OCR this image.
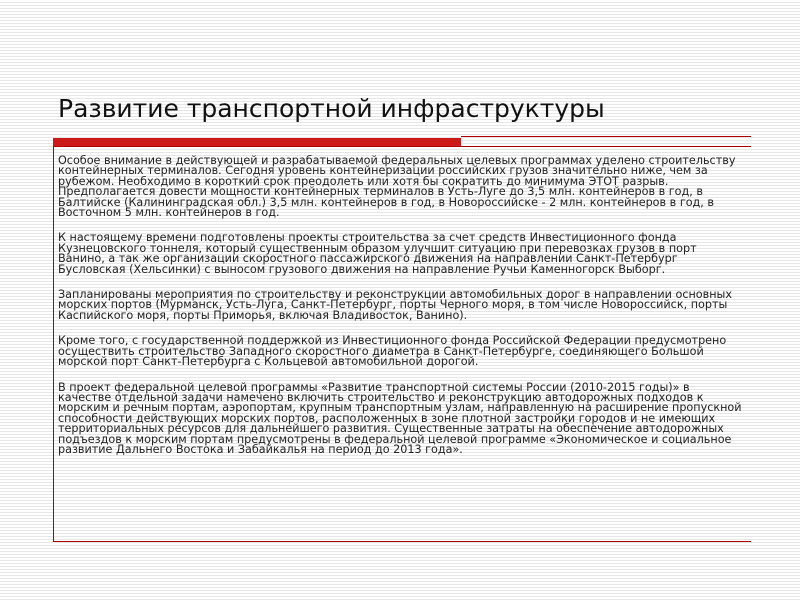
Развитие транспортной инфраструктуры

Особое внимание в действующей и разрабатываемой федеральных целевых программах уделено строительству контейнерных терминалов. Сегодня уровень контейнеризации российских грузов значительно ниже, чем за рубежом. Необходимо в короткий срок преодолеть или хотя бы сократить до минимума ЭТОТ разрыв. Предполагается довести мощности контейнерных терминалов в Усть-Луге до 3,5 млн. контейнеров в год, в Балтийске (Калининградская обл.) 3,5 млн. контейнеров в год, в Новороссийске - 2 млн. контейнеров в год, в Восточном 5 млн. контейнеров в год.

К настоящему времени подготовлены проекты строительства за счет средств Инвестиционного фонда Кузнецовского тоннеля, который существенным образом улучшит ситуацию при перевозках грузов в порт Ванино, а так же организации скоростного пассажирского движения на направлении Санкт-Петербург Бусловская (Хельсинки) с выносом грузового движения на направление Ручьи Каменногорск Выборг.

Запланированы мероприятия по строительству и реконструкции автомобильных дорог в направлении основных морских портов (Мурманск, Усть-Луга, Санкт-Петербург, порты Черного моря, в том числе Новороссийск, порты Каспийского моря, порты Приморья, включая Владивосток, Ванино).

Кроме того, с государственной поддержкой из Инвестиционного фонда Российской Федерации предусмотрено осуществить строительство Западного скоростного диаметра в Санкт-Петербурге, соединяющего Большой морской порт Санкт-Петербурга с Кольцевой автомобильной дорогой.

В проект федеральной целевой программы «Развитие транспортной системы России (2010-2015 годы)» в качестве отдельной задачи намечено включить строительство и реконструкцию автодорожных подходов к морским и речным портам, аэропортам, крупным транспортным узлам, направленную на расширение пропускной способности действующих морских портов, расположенных в зоне плотной застройки городов и не имеющих территориальных ресурсов для дальнейшего развития. Существенные затраты на обеспечение автодорожных подъездов к морским портам предусмотрены в федеральной целевой программе «Экономическое и социальное развитие Дальнего Востока и Забайкалья на период до 2013 года».
